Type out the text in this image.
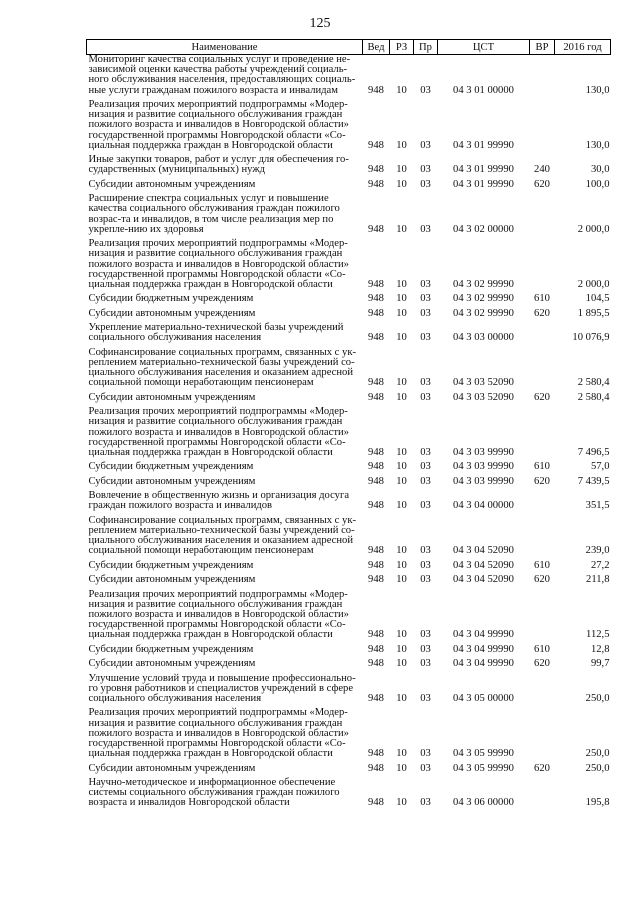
125
Наименование	Вед	РЗ	Пр	ЦСТ	ВР	2016 год
Мониторинг качества социальных услуг и проведение не-зависимой оценки качества работы учреждений социаль-ного обслуживания населения, предоставляющих социаль-ные услуги гражданам пожилого возраста и инвалидам	948	10	03	04 3 01 00000		130,0
Реализация прочих мероприятий подпрограммы «Модер-низация и развитие социального обслуживания граждан пожилого возраста и инвалидов в Новгородской области» государственной программы Новгородской области «Со-циальная поддержка граждан в Новгородской области	948	10	03	04 3 01 99990		130,0
Иные закупки товаров, работ и услуг для обеспечения го-сударственных (муниципальных) нужд	948	10	03	04 3 01 99990	240	30,0
Субсидии автономным учреждениям	948	10	03	04 3 01 99990	620	100,0
Расширение спектра социальных услуг и повышение качества социального обслуживания граждан пожилого возрас-та и инвалидов, в том числе реализация мер по укрепле-нию их здоровья	948	10	03	04 3 02 00000		2 000,0
Реализация прочих мероприятий подпрограммы «Модер-низация и развитие социального обслуживания граждан пожилого возраста и инвалидов в Новгородской области» государственной программы Новгородской области «Со-циальная поддержка граждан в Новгородской области	948	10	03	04 3 02 99990		2 000,0
Субсидии бюджетным учреждениям	948	10	03	04 3 02 99990	610	104,5
Субсидии автономным учреждениям	948	10	03	04 3 02 99990	620	1 895,5
Укрепление материально-технической базы учреждений социального обслуживания населения	948	10	03	04 3 03 00000		10 076,9
Софинансирование социальных программ, связанных с ук-реплением материально-технической базы учреждений со-циального обслуживания населения и оказанием адресной социальной помощи неработающим пенсионерам	948	10	03	04 3 03 52090		2 580,4
Субсидии автономным учреждениям	948	10	03	04 3 03 52090	620	2 580,4
Реализация прочих мероприятий подпрограммы «Модер-низация и развитие социального обслуживания граждан пожилого возраста и инвалидов в Новгородской области» государственной программы Новгородской области «Со-циальная поддержка граждан в Новгородской области	948	10	03	04 3 03 99990		7 496,5
Субсидии бюджетным учреждениям	948	10	03	04 3 03 99990	610	57,0
Субсидии автономным учреждениям	948	10	03	04 3 03 99990	620	7 439,5
Вовлечение в общественную жизнь и организация досуга граждан пожилого возраста и инвалидов	948	10	03	04 3 04 00000		351,5
Софинансирование социальных программ, связанных с ук-реплением материально-технической базы учреждений со-циального обслуживания населения и оказанием адресной социальной помощи неработающим пенсионерам	948	10	03	04 3 04 52090		239,0
Субсидии бюджетным учреждениям	948	10	03	04 3 04 52090	610	27,2
Субсидии автономным учреждениям	948	10	03	04 3 04 52090	620	211,8
Реализация прочих мероприятий подпрограммы «Модер-низация и развитие социального обслуживания граждан пожилого возраста и инвалидов в Новгородской области» государственной программы Новгородской области «Со-циальная поддержка граждан в Новгородской области	948	10	03	04 3 04 99990		112,5
Субсидии бюджетным учреждениям	948	10	03	04 3 04 99990	610	12,8
Субсидии автономным учреждениям	948	10	03	04 3 04 99990	620	99,7
Улучшение условий труда и повышение профессионально-го уровня работников и специалистов учреждений в сфере социального обслуживания населения	948	10	03	04 3 05 00000		250,0
Реализация прочих мероприятий подпрограммы «Модер-низация и развитие социального обслуживания граждан пожилого возраста и инвалидов в Новгородской области» государственной программы Новгородской области «Со-циальная поддержка граждан в Новгородской области	948	10	03	04 3 05 99990		250,0
Субсидии автономным учреждениям	948	10	03	04 3 05 99990	620	250,0
Научно-методическое и информационное обеспечение системы социального обслуживания граждан пожилого возраста и инвалидов Новгородской области	948	10	03	04 3 06 00000		195,8
